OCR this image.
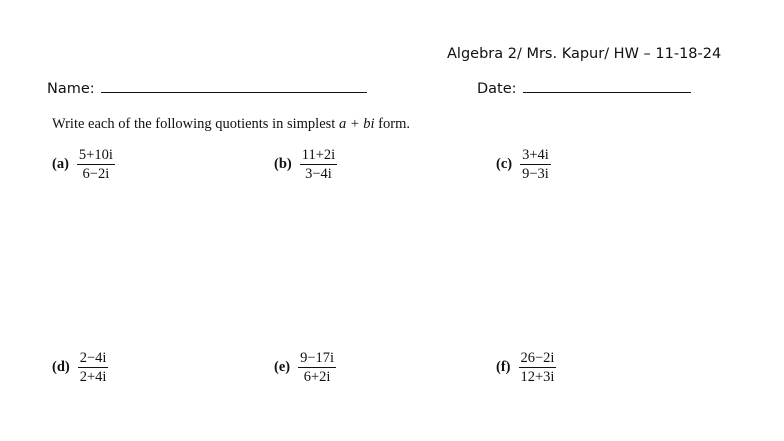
Algebra 2/ Mrs. Kapur/ HW – 11-18-24
Name:	Date:
Write each of the following quotients in simplest a + bi form.
$(a) \frac{5+10i}{6-2i}$	$(b) \frac{11+2i}{3-4i}$	$(c) \frac{3+4i}{9-3i}$
$(d) \frac{2-4i}{2+4i}$	$(e) \frac{9-17i}{6+2i}$	$(f) \frac{26-2i}{12+3i}$
